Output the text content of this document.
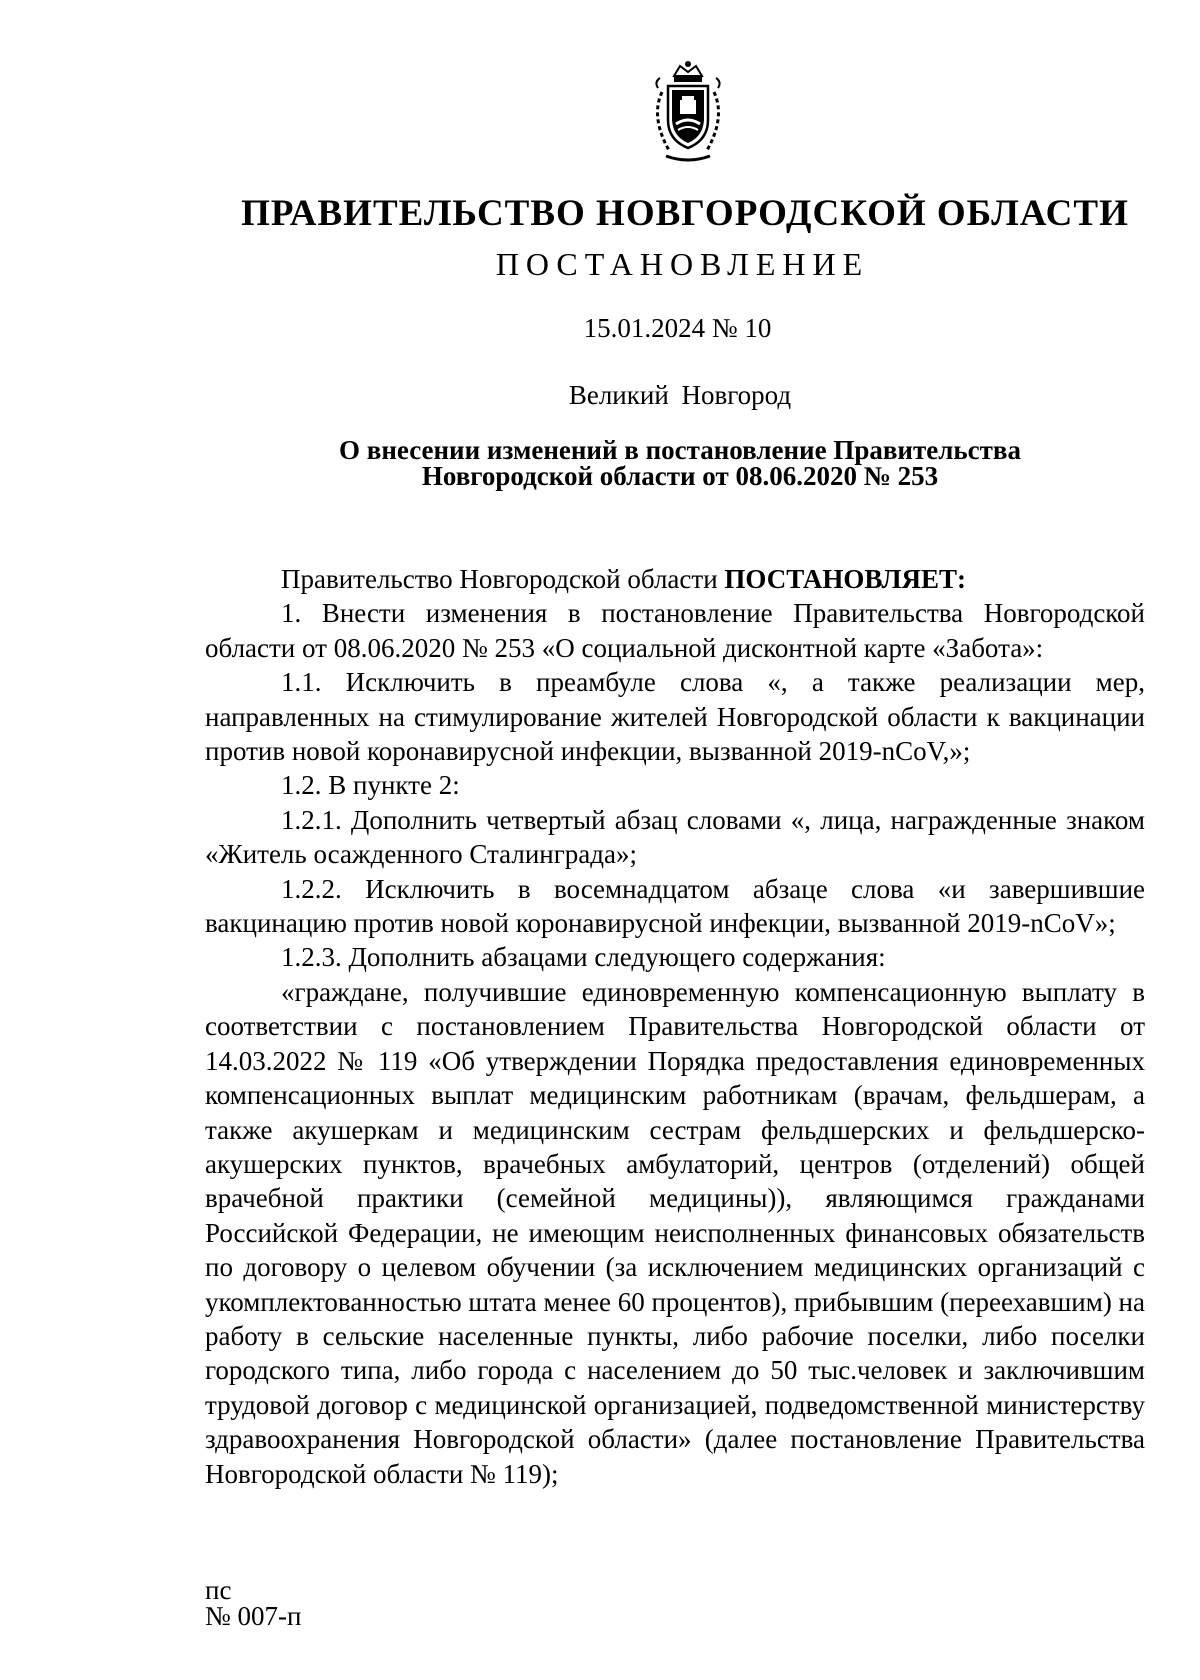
ПРАВИТЕЛЬСТВО НОВГОРОДСКОЙ ОБЛАСТИ
ПОСТАНОВЛЕНИЕ
15.01.2024 № 10
Великий Новгород
О внесении изменений в постановление Правительства
Новгородской области от 08.06.2020 № 253

Правительство Новгородской области ПОСТАНОВЛЯЕТ:

1. Внести изменения в постановление Правительства Новгородской области от 08.06.2020 № 253 «О социальной дисконтной карте «Забота»:

1.1. Исключить в преамбуле слова «, а также реализации мер, направленных на стимулирование жителей Новгородской области к вакцинации против новой коронавирусной инфекции, вызванной 2019-nCoV,»;

1.2. В пункте 2:

1.2.1. Дополнить четвертый абзац словами «, лица, награжденные знаком «Житель осажденного Сталинграда»;

1.2.2. Исключить в восемнадцатом абзаце слова «и завершившие вакцинацию против новой коронавирусной инфекции, вызванной 2019-nCoV»;

1.2.3. Дополнить абзацами следующего содержания:

«граждане, получившие единовременную компенсационную выплату в соответствии с постановлением Правительства Новгородской области от 14.03.2022 № 119 «Об утверждении Порядка предоставления единовременных компенсационных выплат медицинским работникам (врачам, фельдшерам, а также акушеркам и медицинским сестрам фельдшерских и фельдшерско-акушерских пунктов, врачебных амбулаторий, центров (отделений) общей врачебной практики (семейной медицины)), являющимся гражданами Российской Федерации, не имеющим неисполненных финансовых обязательств по договору о целевом обучении (за исключением медицинских организаций с укомплектованностью штата менее 60 процентов), прибывшим (переехавшим) на работу в сельские населенные пункты, либо рабочие поселки, либо поселки городского типа, либо города с населением до 50 тыс.человек и заключившим трудовой договор с медицинской организацией, подведомственной министерству здравоохранения Новгородской области» (далее постановление Правительства Новгородской области № 119);

пс
№ 007-п
